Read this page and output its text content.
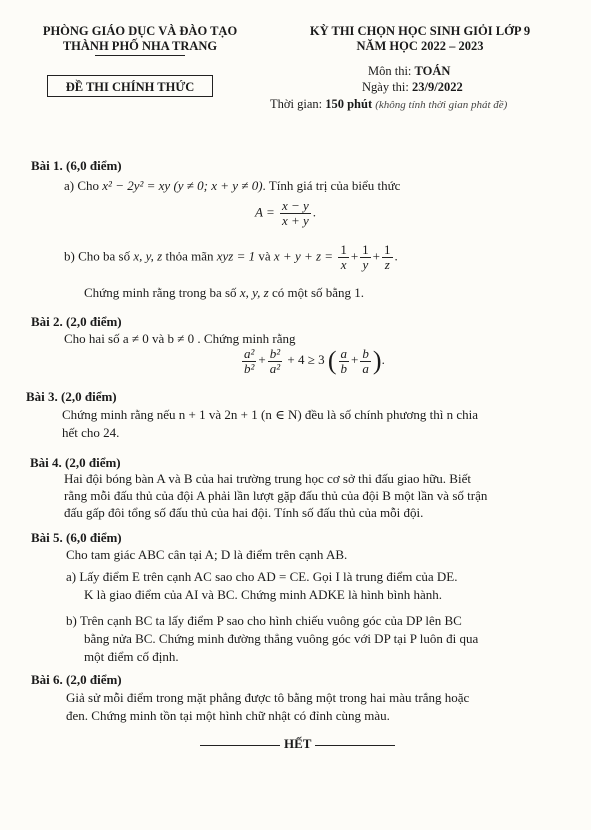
PHÒNG GIÁO DỤC VÀ ĐÀO TẠO
THÀNH PHỐ NHA TRANG
KỲ THI CHỌN HỌC SINH GIỎI LỚP 9
NĂM HỌC 2022 – 2023
ĐỀ THI CHÍNH THỨC
Môn thi: TOÁN
Ngày thi: 23/9/2022
Thời gian: 150 phút (không tính thời gian phát đề)
Bài 1. (6,0 điểm)
a) Cho x² − 2y² = xy (y ≠ 0; x + y ≠ 0). Tính giá trị của biểu thức
$A = \frac{x - y}{x + y}$ .
b) Cho ba số x, y, z thỏa mãn xyz = 1 và $x + y + z = \frac{1}{x} + \frac{1}{y} + \frac{1}{z}$ .
Chứng minh rằng trong ba số x, y, z có một số bằng 1.
Bài 2. (2,0 điểm)
Cho hai số a ≠ 0 và b ≠ 0 . Chứng minh rằng
$\frac{\text{a²}}{\text{b²}} + \frac{\text{b²}}{\text{a²}} + 4 \ge 3$ ( $\frac{a}{b} + \frac{b}{a}$ ).
Bài 3. (2,0 điểm)
Chứng minh rằng nếu n + 1 và 2n + 1 (n ∈ N) đều là số chính phương thì n chia
hết cho 24.
Bài 4. (2,0 điểm)
Hai đội bóng bàn A và B của hai trường trung học cơ sở thi đấu giao hữu. Biết
rằng mỗi đấu thủ của đội A phải lần lượt gặp đấu thủ của đội B một lần và số trận
đấu gấp đôi tổng số đấu thủ của hai đội. Tính số đấu thủ của mỗi đội.
Bài 5. (6,0 điểm)
Cho tam giác ABC cân tại A; D là điểm trên cạnh AB.
a) Lấy điểm E trên cạnh AC sao cho AD = CE. Gọi I là trung điểm của DE.
K là giao điểm của AI và BC. Chứng minh ADKE là hình bình hành.
b) Trên cạnh BC ta lấy điểm P sao cho hình chiếu vuông góc của DP lên BC
bằng nửa BC. Chứng minh đường thẳng vuông góc với DP tại P luôn đi qua
một điểm cố định.
Bài 6. (2,0 điểm)
Giả sử mỗi điểm trong mặt phẳng được tô bằng một trong hai màu trắng hoặc
đen. Chứng minh tồn tại một hình chữ nhật có đỉnh cùng màu.
HẾT
